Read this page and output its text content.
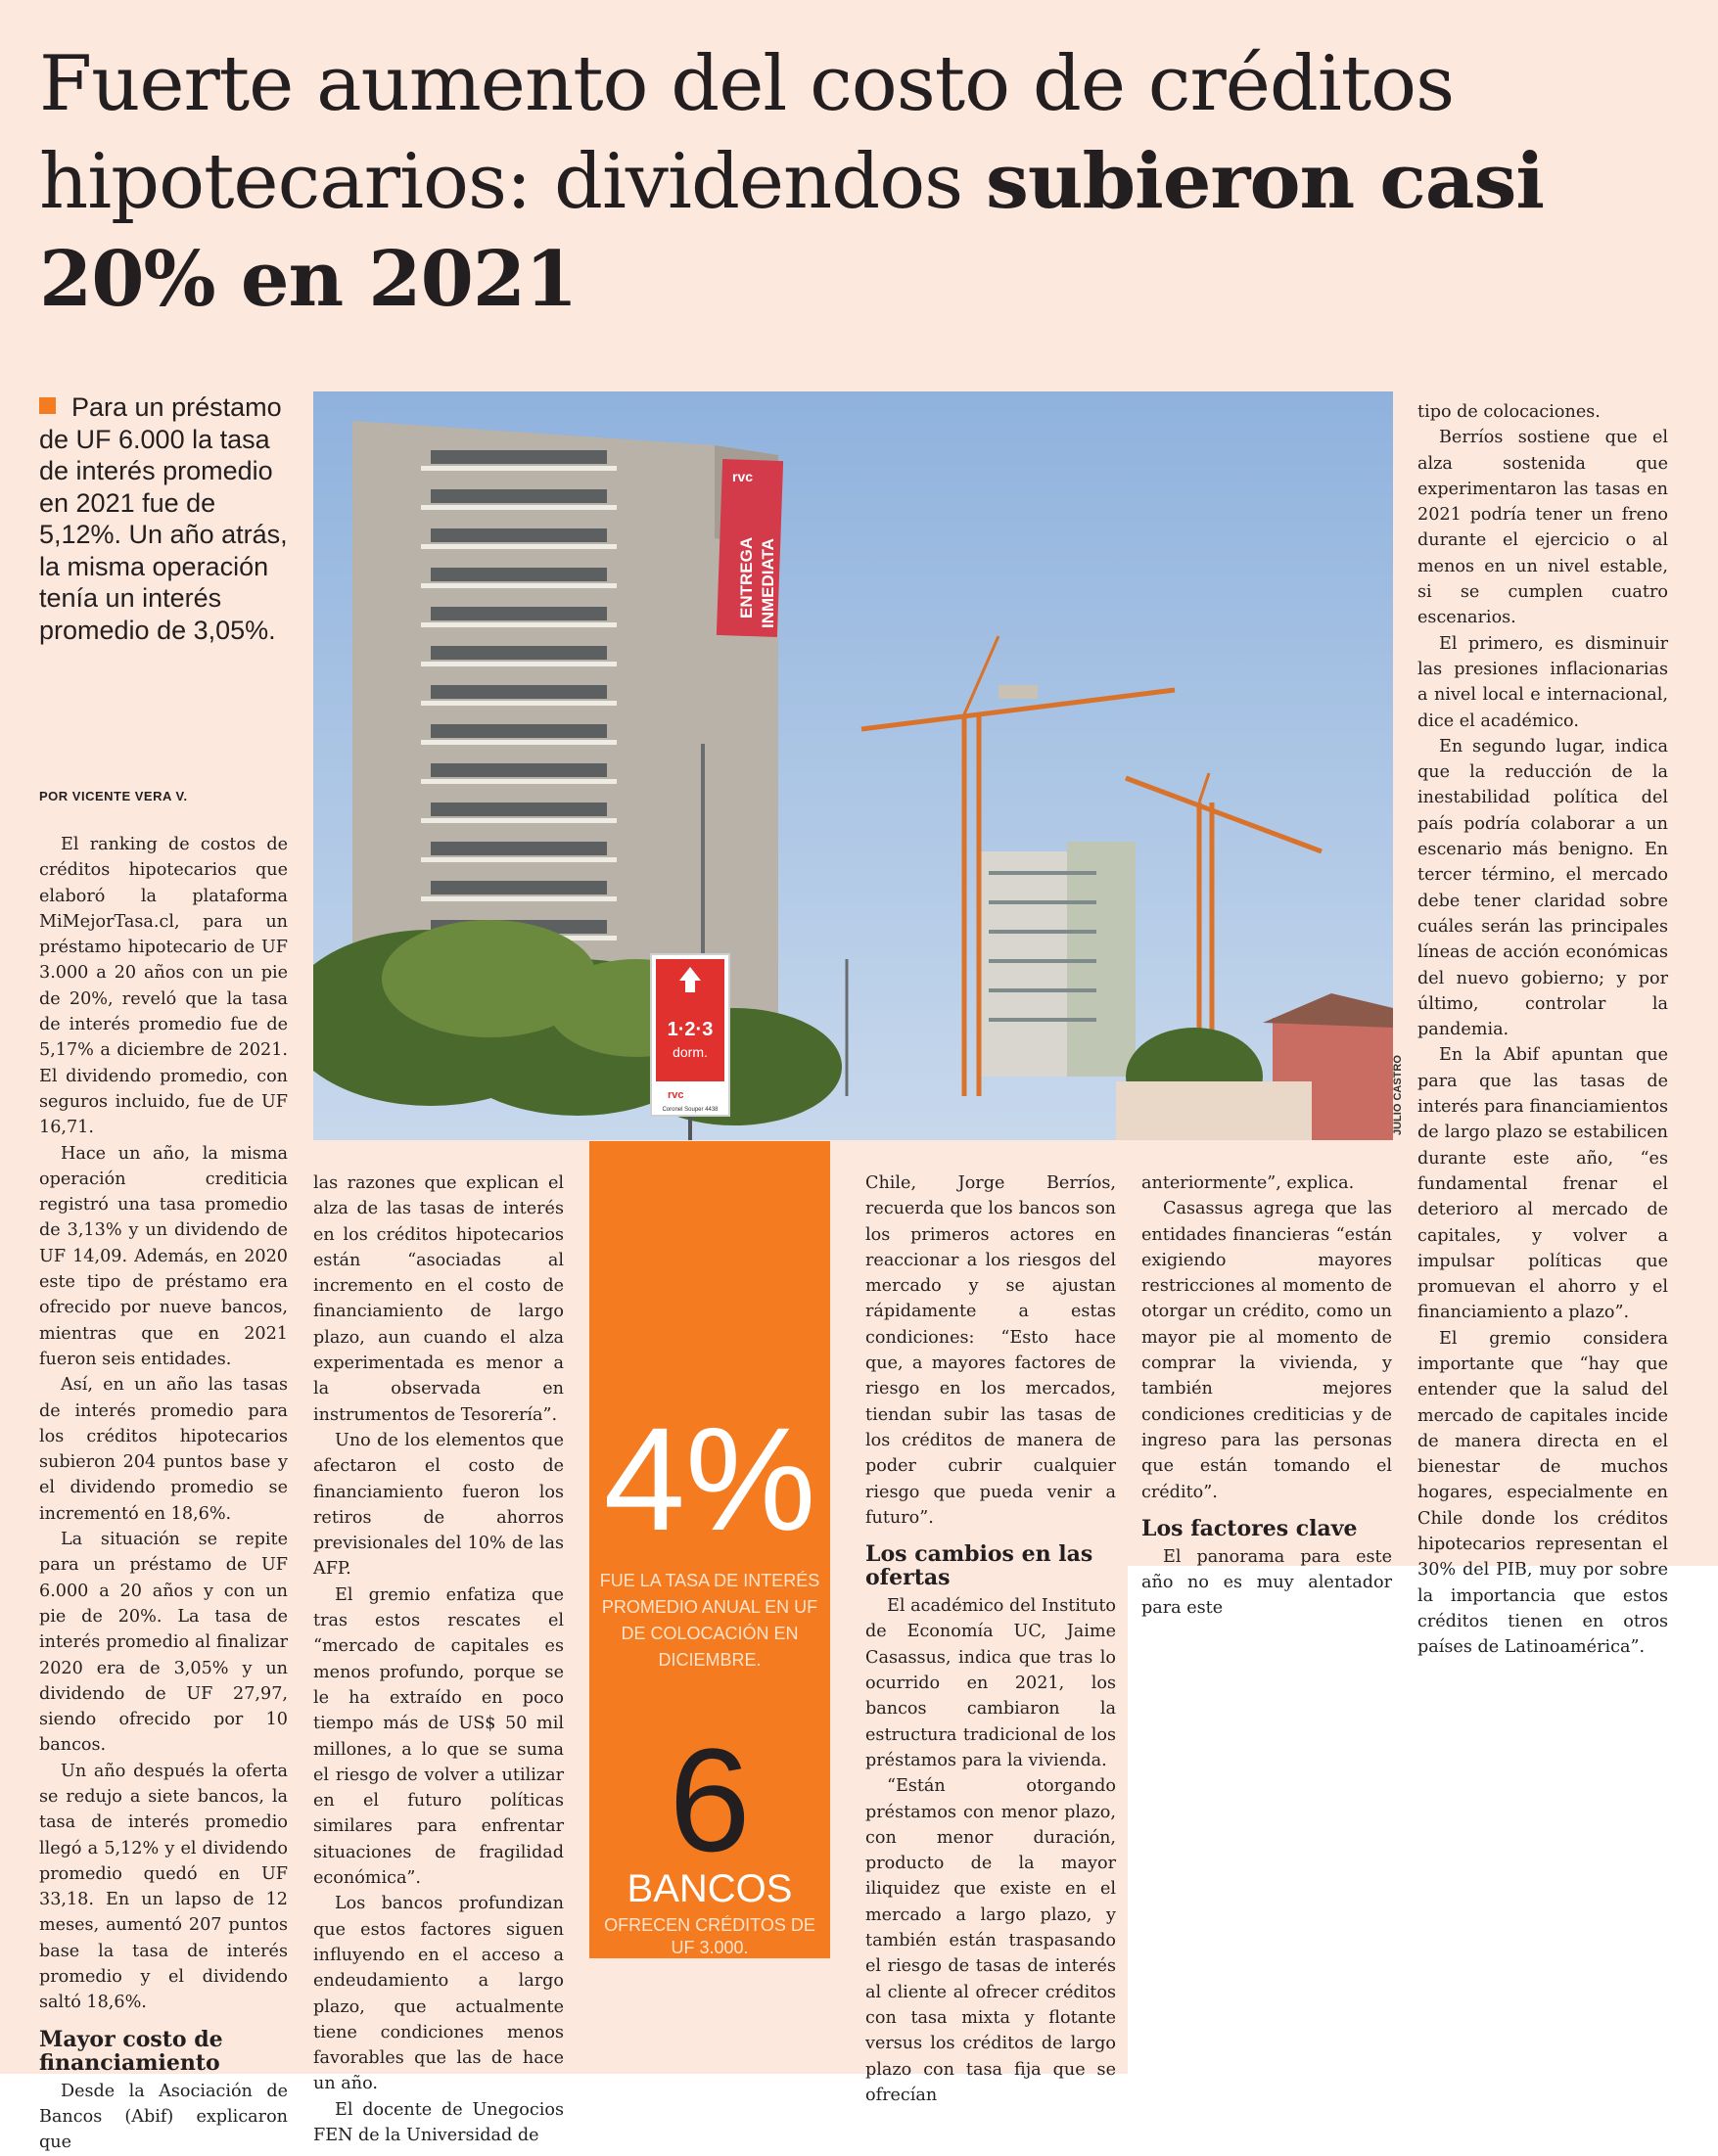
Fuerte aumento del costo de créditos hipotecarios: dividendos subieron casi 20% en 2021
Para un préstamo de UF 6.000 la tasa de interés promedio en 2021 fue de 5,12%. Un año atrás, la misma operación tenía un interés promedio de 3,05%.
POR VICENTE VERA V.
rvc
ENTREGA INMEDIATA
1·2·3
dorm.
rvc
Coronel Souper 4438	JULIO CASTRO
4%
FUE LA TASA DE INTERÉS PROMEDIO ANUAL EN UF DE COLOCACIÓN EN DICIEMBRE.
6
BANCOS
OFRECEN CRÉDITOS DE UF 3.000.

El ranking de costos de créditos hipotecarios que elaboró la plataforma MiMejorTasa.cl, para un préstamo hipotecario de UF 3.000 a 20 años con un pie de 20%, reveló que la tasa de interés promedio fue de 5,17% a diciembre de 2021. El dividendo promedio, con seguros incluido, fue de UF 16,71.

Hace un año, la misma operación crediticia registró una tasa promedio de 3,13% y un dividendo de UF 14,09. Además, en 2020 este tipo de préstamo era ofrecido por nueve bancos, mientras que en 2021 fueron seis entidades.

Así, en un año las tasas de interés promedio para los créditos hipotecarios subieron 204 puntos base y el dividendo promedio se incrementó en 18,6%.

La situación se repite para un préstamo de UF 6.000 a 20 años y con un pie de 20%. La tasa de interés promedio al finalizar 2020 era de 3,05% y un dividendo de UF 27,97, siendo ofrecido por 10 bancos.

Un año después la oferta se redujo a siete bancos, la tasa de interés promedio llegó a 5,12% y el dividendo promedio quedó en UF 33,18. En un lapso de 12 meses, aumentó 207 puntos base la tasa de interés promedio y el dividendo saltó 18,6%.

Mayor costo de financiamiento

Desde la Asociación de Bancos (Abif) explicaron que

las razones que explican el alza de las tasas de interés en los créditos hipotecarios están “asociadas al incremento en el costo de financiamiento de largo plazo, aun cuando el alza experimentada es menor a la observada en instrumentos de Tesorería”.

Uno de los elementos que afectaron el costo de financiamiento fueron los retiros de ahorros previsionales del 10% de las AFP.

El gremio enfatiza que tras estos rescates el “mercado de capitales es menos profundo, porque se le ha extraído en poco tiempo más de US$ 50 mil millones, a lo que se suma el riesgo de volver a utilizar en el futuro políticas similares para enfrentar situaciones de fragilidad económica”.

Los bancos profundizan que estos factores siguen influyendo en el acceso a endeudamiento a largo plazo, que actualmente tiene condiciones menos favorables que las de hace un año.

El docente de Unegocios FEN de la Universidad de

Chile, Jorge Berríos, recuerda que los bancos son los primeros actores en reaccionar a los riesgos del mercado y se ajustan rápidamente a estas condiciones: “Esto hace que, a mayores factores de riesgo en los mercados, tiendan subir las tasas de los créditos de manera de poder cubrir cualquier riesgo que pueda venir a futuro”.

Los cambios en las ofertas

El académico del Instituto de Economía UC, Jaime Casassus, indica que tras lo ocurrido en 2021, los bancos cambiaron la estructura tradicional de los préstamos para la vivienda.

“Están otorgando préstamos con menor plazo, con menor duración, producto de la mayor iliquidez que existe en el mercado a largo plazo, y también están traspasando el riesgo de tasas de interés al cliente al ofrecer créditos con tasa mixta y flotante versus los créditos de largo plazo con tasa fija que se ofrecían

anteriormente”, explica.

Casassus agrega que las entidades financieras “están exigiendo mayores restricciones al momento de otorgar un crédito, como un mayor pie al momento de comprar la vivienda, y también mejores condiciones crediticias y de ingreso para las personas que están tomando el crédito”.

Los factores clave

El panorama para este año no es muy alentador para este

tipo de colocaciones.

Berríos sostiene que el alza sostenida que experimentaron las tasas en 2021 podría tener un freno durante el ejercicio o al menos en un nivel estable, si se cumplen cuatro escenarios.

El primero, es disminuir las presiones inflacionarias a nivel local e internacional, dice el académico.

En segundo lugar, indica que la reducción de la inestabilidad política del país podría colaborar a un escenario más benigno. En tercer término, el mercado debe tener claridad sobre cuáles serán las principales líneas de acción económicas del nuevo gobierno; y por último, controlar la pandemia.

En la Abif apuntan que para que las tasas de interés para financiamientos de largo plazo se estabilicen durante este año, “es fundamental frenar el deterioro al mercado de capitales, y volver a impulsar políticas que promuevan el ahorro y el financiamiento a plazo”.

El gremio considera importante que “hay que entender que la salud del mercado de capitales incide de manera directa en el bienestar de muchos hogares, especialmente en Chile donde los créditos hipotecarios representan el 30% del PIB, muy por sobre la importancia que estos créditos tienen en otros países de Latinoamérica”.
